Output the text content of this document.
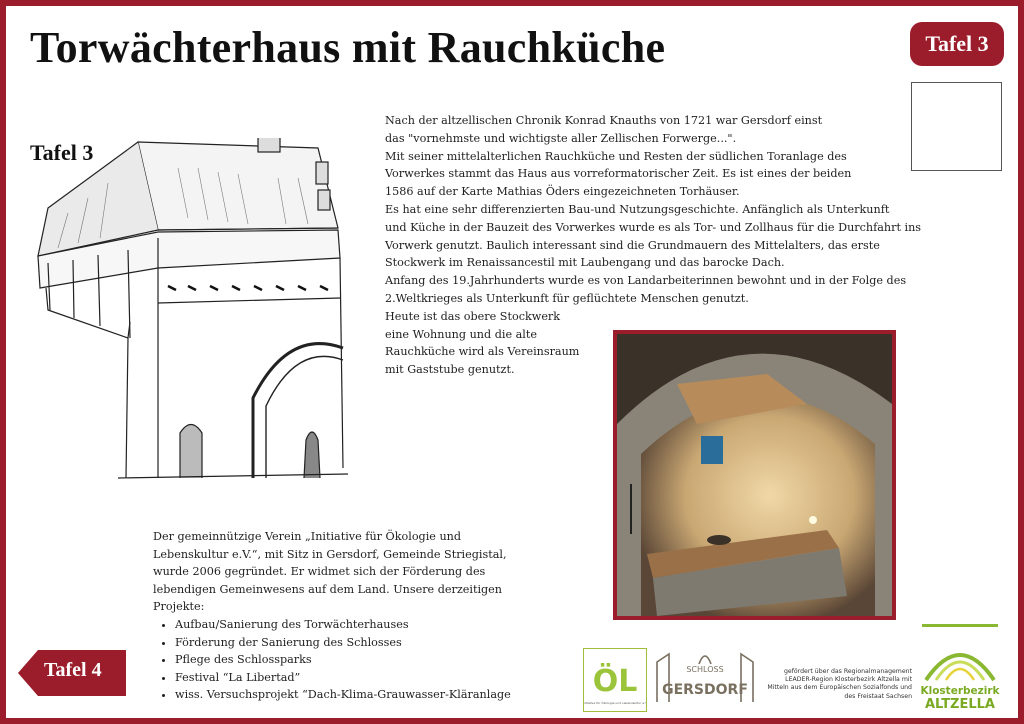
Torwächterhaus mit Rauchküche	Tafel 3
Tafel 3

Nach der altzellischen Chronik Konrad Knauths von 1721 war Gersdorf einst

das "vornehmste und wichtigste aller Zellischen Forwerge...".

Mit seiner mittelalterlichen Rauchküche und Resten der südlichen Toranlage des

Vorwerkes stammt das Haus aus vorreformatorischer Zeit. Es ist eines der beiden

1586 auf der Karte Mathias Öders eingezeichneten Torhäuser.

Es hat eine sehr differenzierten Bau-und Nutzungsgeschichte. Anfänglich als Unterkunft

und Küche in der Bauzeit des Vorwerkes wurde es als Tor- und Zollhaus für die Durchfahrt ins

Vorwerk genutzt. Baulich interessant sind die Grundmauern des Mittelalters, das erste

Stockwerk im Renaissancestil mit Laubengang und das barocke Dach.

Anfang des 19.Jahrhunderts wurde es von Landarbeiterinnen bewohnt und in der Folge des

2.Weltkrieges als Unterkunft für geflüchtete Menschen genutzt.

Heute ist das obere Stockwerk

eine Wohnung und die alte

Rauchküche wird als Vereinsraum

mit Gaststube genutzt.

Der gemeinnützige Verein „Initiative für Ökologie und Lebenskultur e.V.“, mit Sitz in Gersdorf, Gemeinde Striegistal, wurde 2006 gegründet. Er widmet sich der Förderung des lebendigen Gemeinwesens auf dem Land. Unsere derzeitigen Projekte:

• Aufbau/Sanierung des Torwächterhauses
• Förderung der Sanierung des Schlosses
• Pflege des Schlossparks
• Festival “La Libertad”
• wiss. Versuchsprojekt “Dach-Klima-Grauwasser-Kläranlage
Tafel 4	ÖL
Initiative für Ökologie und Lebenskultur e.V.
SCHLOSS
GERSDORF
gefördert über das Regionalmanagement
LEADER-Region Klosterbezirk Altzella mit
Mitteln aus dem Europäischen Sozialfonds und
des Freistaat Sachsen Klosterbezirk
ALTZELLA
